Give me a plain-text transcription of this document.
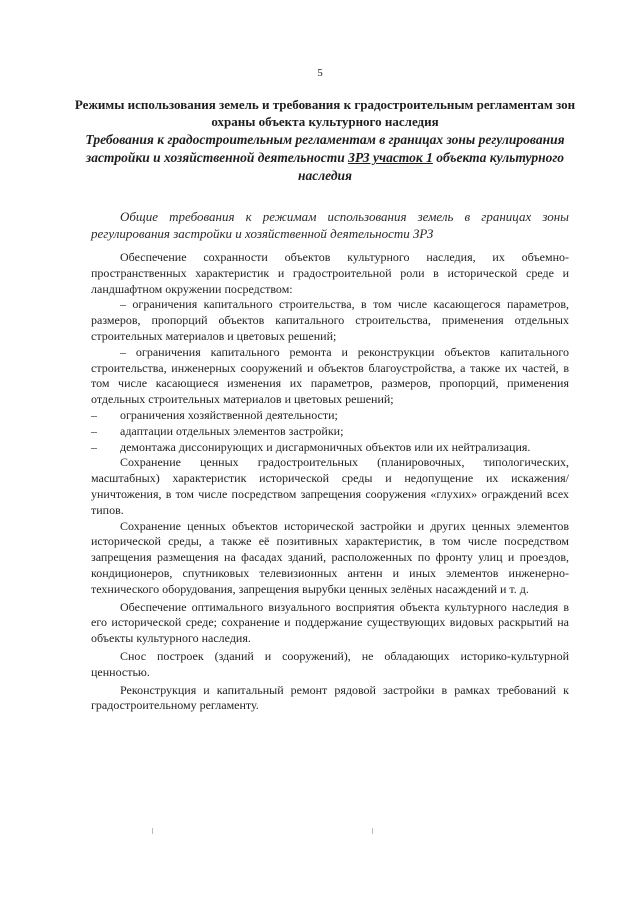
5
Режимы использования земель и требования к градостроительным регламентам зон охраны объекта культурного наследия
Требования к градостроительным регламентам в границах зоны регулирования застройки и хозяйственной деятельности ЗРЗ участок 1 объекта культурного наследия
Общие требования к режимам использования земель в границах зоны регулирования застройки и хозяйственной деятельности ЗРЗ

Обеспечение сохранности объектов культурного наследия, их объемно-пространственных характеристик и градостроительной роли в исторической среде и ландшафтном окружении посредством:

– ограничения капитального строительства, в том числе касающегося параметров, размеров, пропорций объектов капитального строительства, применения отдельных строительных материалов и цветовых решений;

– ограничения капитального ремонта и реконструкции объектов капитального строительства, инженерных сооружений и объектов благоустройства, а также их частей, в том числе касающиеся изменения их параметров, размеров, пропорций, применения отдельных строительных материалов и цветовых решений;

–	ограничения хозяйственной деятельности;
–	адаптации отдельных элементов застройки;

– демонтажа диссонирующих и дисгармоничных объектов или их нейтрализация.

Сохранение ценных градостроительных (планировочных, типологических, масштабных) характеристик исторической среды и недопущение их искажения/уничтожения, в том числе посредством запрещения сооружения «глухих» ограждений всех типов.

Сохранение ценных объектов исторической застройки и других ценных элементов исторической среды, а также её позитивных характеристик, в том числе посредством запрещения размещения на фасадах зданий, расположенных по фронту улиц и проездов, кондиционеров, спутниковых телевизионных антенн и иных элементов инженерно-технического оборудования, запрещения вырубки ценных зелёных насаждений и т. д.

Обеспечение оптимального визуального восприятия объекта культурного наследия в его исторической среде; сохранение и поддержание существующих видовых раскрытий на объекты культурного наследия.

Снос построек (зданий и сооружений), не обладающих историко-культурной ценностью.

Реконструкция и капитальный ремонт рядовой застройки в рамках требований к градостроительному регламенту.
